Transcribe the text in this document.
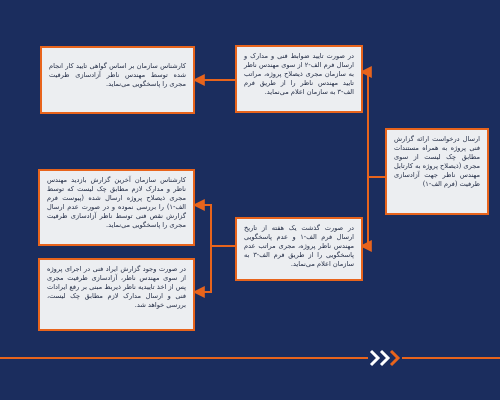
ارسال درخواست ارائه گزارش فنی پروژه به همراه مستندات مطابق چک لیست از سوی مجری (ذیصلاح پروژه به کارتابل مهندس ناظر جهت آزادسازی ظرفیت (فرم الف-۱)
در صورت تایید ضوابط فنی و مدارک و ارسال فرم الف-۲ از سوی مهندس ناظر به سازمان مجری ذیصلاح پروژه، مراتب تایید مهندس ناظر را از طریق فرم الف-۳ به سازمان اعلام می‌نماید.
کارشناس سازمان بر اساس گواهی تایید کار انجام شده توسط مهندس ناظر آزادسازی ظرفیت مجری را پاسخگویی می‌نماید.
در صورت گذشت یک هفته از تاریخ ارسال فرم الف-۱ و عدم پاسخگویی مهندس ناظر پروژه، مجری مراتب عدم پاسخگویی را از طریق فرم الف-۳ به سازمان اعلام می‌نماید.
کارشناس سازمان آخرین گزارش بازدید مهندس ناظر و مدارک لازم مطابق چک لیست که توسط مجری ذیصلاح پروژه ارسال شده (پیوست فرم الف-۱) را بررسی نموده و در صورت عدم ارسال گزارش نقص فنی توسط ناظر آزادسازی ظرفیت مجری را پاسخگویی می‌نماید.
در صورت وجود گزارش ایراد فنی در اجرای پروژه از سوی مهندس ناظر، آزادسازی ظرفیت مجری پس از اخذ تاییدیه ناظر ذیربط مبنی بر رفع ایرادات فنی و ارسال مدارک لازم مطابق چک لیست، بررسی خواهد شد.
